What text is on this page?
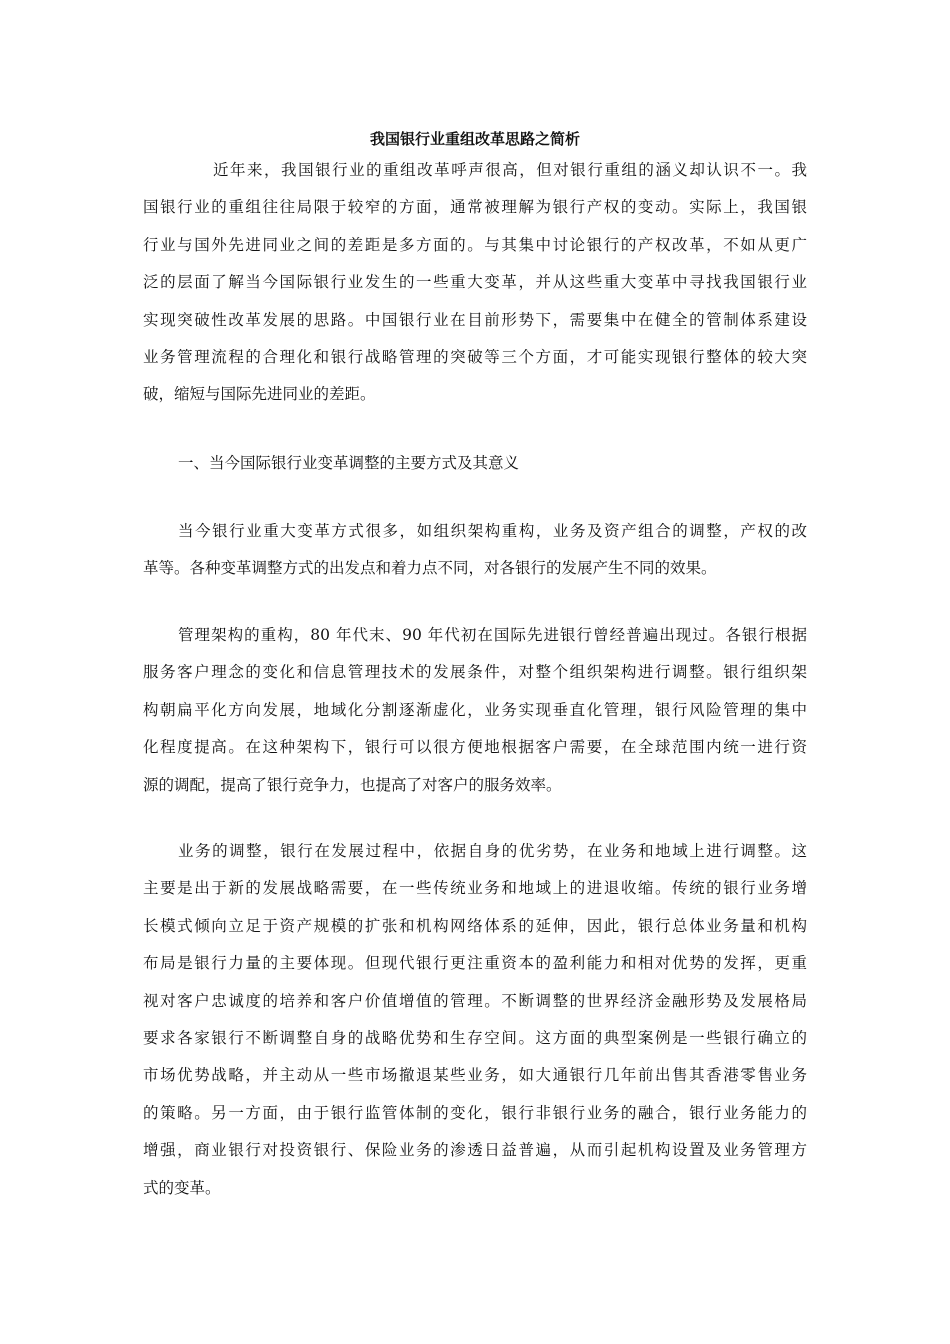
我国银行业重组改革思路之简析
近年来，我国银行业的重组改革呼声很高，但对银行重组的涵义却认识不一。我
国银行业的重组往往局限于较窄的方面，通常被理解为银行产权的变动。实际上，我国银
行业与国外先进同业之间的差距是多方面的。与其集中讨论银行的产权改革，不如从更广
泛的层面了解当今国际银行业发生的一些重大变革，并从这些重大变革中寻找我国银行业
实现突破性改革发展的思路。中国银行业在目前形势下，需要集中在健全的管制体系建设
业务管理流程的合理化和银行战略管理的突破等三个方面，才可能实现银行整体的较大突
破，缩短与国际先进同业的差距。
一、当今国际银行业变革调整的主要方式及其意义
当今银行业重大变革方式很多，如组织架构重构，业务及资产组合的调整，产权的改
革等。各种变革调整方式的出发点和着力点不同，对各银行的发展产生不同的效果。
管理架构的重构，80 年代末、90 年代初在国际先进银行曾经普遍出现过。各银行根据
服务客户理念的变化和信息管理技术的发展条件，对整个组织架构进行调整。银行组织架
构朝扁平化方向发展，地域化分割逐渐虚化，业务实现垂直化管理，银行风险管理的集中
化程度提高。在这种架构下，银行可以很方便地根据客户需要，在全球范围内统一进行资
源的调配，提高了银行竞争力，也提高了对客户的服务效率。
业务的调整，银行在发展过程中，依据自身的优劣势，在业务和地域上进行调整。这
主要是出于新的发展战略需要，在一些传统业务和地域上的进退收缩。传统的银行业务增
长模式倾向立足于资产规模的扩张和机构网络体系的延伸，因此，银行总体业务量和机构
布局是银行力量的主要体现。但现代银行更注重资本的盈利能力和相对优势的发挥，更重
视对客户忠诚度的培养和客户价值增值的管理。不断调整的世界经济金融形势及发展格局
要求各家银行不断调整自身的战略优势和生存空间。这方面的典型案例是一些银行确立的
市场优势战略，并主动从一些市场撤退某些业务，如大通银行几年前出售其香港零售业务
的策略。另一方面，由于银行监管体制的变化，银行非银行业务的融合，银行业务能力的
增强，商业银行对投资银行、保险业务的渗透日益普遍，从而引起机构设置及业务管理方
式的变革。
